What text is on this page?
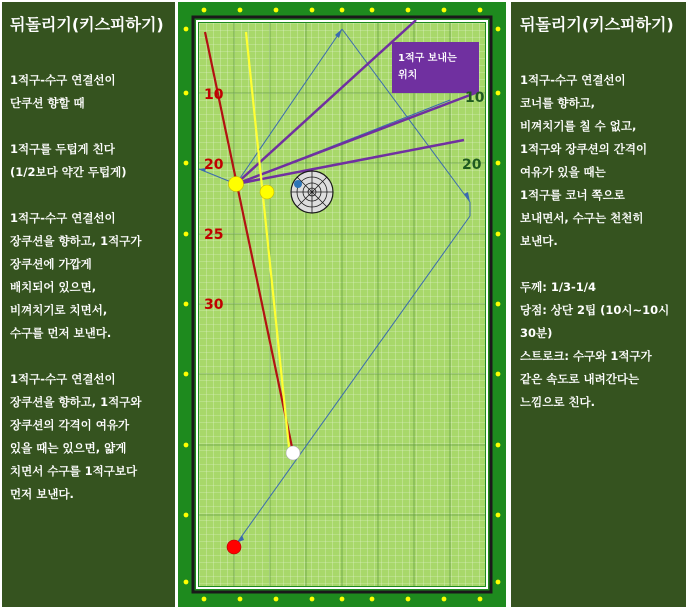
뒤돌리기(키스피하기)
1적구-수구 연결선이
단쿠션 향할 때
1적구를 두텁게 친다
(1/2보다 약간 두텁게)
1적구-수구 연결선이
장쿠션을 향하고, 1적구가
장쿠션에 가깝게
배치되어 있으면,
비껴치기로 치면서,
수구를 먼저 보낸다.
1적구-수구 연결선이
장쿠션을 향하고, 1적구와
장쿠션의 각격이 여유가
있을 때는 있으면, 얇게
치면서 수구를 1적구보다
먼저 보낸다.
1적구 보내는
위치
10
20
25
30
10
20
뒤돌리기(키스피하기)
1적구-수구 연결선이
코너를 향하고,
비껴치기를 칠 수 없고,
1적구와 장쿠션의 간격이
여유가 있을 때는
1적구를 코너 쪽으로
보내면서, 수구는 천천히
보낸다.
두께: 1/3-1/4
당점: 상단 2팁 (10시~10시
30분)
스트로크: 수구와 1적구가
같은 속도로 내려간다는
느낌으로 친다.
